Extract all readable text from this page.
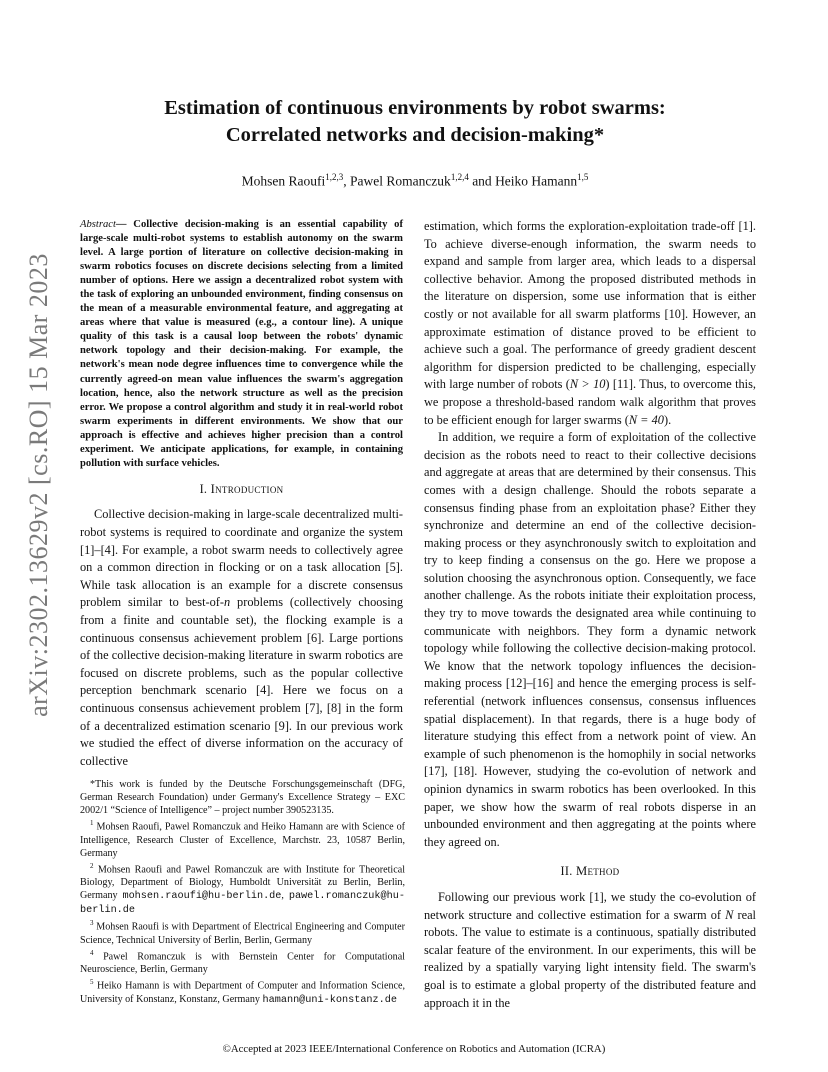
arXiv:2302.13629v2 [cs.RO] 15 Mar 2023
Estimation of continuous environments by robot swarms:
Correlated networks and decision-making*
Mohsen Raoufi$^{1,2,3}$, Pawel Romanczuk$^{1,2,4}$ and Heiko Hamann$^{1,5}$

Abstract— Collective decision-making is an essential capability of large-scale multi-robot systems to establish autonomy on the swarm level. A large portion of literature on collective decision-making in swarm robotics focuses on discrete decisions selecting from a limited number of options. Here we assign a decentralized robot system with the task of exploring an unbounded environment, finding consensus on the mean of a measurable environmental feature, and aggregating at areas where that value is measured (e.g., a contour line). A unique quality of this task is a causal loop between the robots' dynamic network topology and their decision-making. For example, the network's mean node degree influences time to convergence while the currently agreed-on mean value influences the swarm's aggregation location, hence, also the network structure as well as the precision error. We propose a control algorithm and study it in real-world robot swarm experiments in different environments. We show that our approach is effective and achieves higher precision than a control experiment. We anticipate applications, for example, in containing pollution with surface vehicles.

I. Introduction

Collective decision-making in large-scale decentralized multi-robot systems is required to coordinate and organize the system [1]–[4]. For example, a robot swarm needs to collectively agree on a common direction in flocking or on a task allocation [5]. While task allocation is an example for a discrete consensus problem similar to best-of-n problems (collectively choosing from a finite and countable set), the flocking example is a continuous consensus achievement problem [6]. Large portions of the collective decision-making literature in swarm robotics are focused on discrete problems, such as the popular collective perception benchmark scenario [4]. Here we focus on a continuous consensus achievement problem [7], [8] in the form of a decentralized estimation scenario [9]. In our previous work we studied the effect of diverse information on the accuracy of collective

*This work is funded by the Deutsche Forschungsgemeinschaft (DFG, German Research Foundation) under Germany's Excellence Strategy – EXC 2002/1 “Science of Intelligence” – project number 390523135.

$^1$ Mohsen Raoufi, Pawel Romanczuk and Heiko Hamann are with Science of Intelligence, Research Cluster of Excellence, Marchstr. 23, 10587 Berlin, Germany

$^2$ Mohsen Raoufi and Pawel Romanczuk are with Institute for Theoretical Biology, Department of Biology, Humboldt Universität zu Berlin, Berlin, Germany mohsen.raoufi@hu-berlin.de, pawel.romanczuk@hu-berlin.de

$^3$ Mohsen Raoufi is with Department of Electrical Engineering and Computer Science, Technical University of Berlin, Berlin, Germany

$^4$ Pawel Romanczuk is with Bernstein Center for Computational Neuroscience, Berlin, Germany

$^5$ Heiko Hamann is with Department of Computer and Information Science, University of Konstanz, Konstanz, Germany hamann@uni-konstanz.de

estimation, which forms the exploration-exploitation trade-off [1]. To achieve diverse-enough information, the swarm needs to expand and sample from larger area, which leads to a dispersal collective behavior. Among the proposed distributed methods in the literature on dispersion, some use information that is either costly or not available for all swarm platforms [10]. However, an approximate estimation of distance proved to be efficient to achieve such a goal. The performance of greedy gradient descent algorithm for dispersion predicted to be challenging, especially with large number of robots (N > 10) [11]. Thus, to overcome this, we propose a threshold-based random walk algorithm that proves to be efficient enough for larger swarms (N = 40).

In addition, we require a form of exploitation of the collective decision as the robots need to react to their collective decisions and aggregate at areas that are determined by their consensus. This comes with a design challenge. Should the robots separate a consensus finding phase from an exploitation phase? Either they synchronize and determine an end of the collective decision-making process or they asynchronously switch to exploitation and try to keep finding a consensus on the go. Here we propose a solution choosing the asynchronous option. Consequently, we face another challenge. As the robots initiate their exploitation process, they try to move towards the designated area while continuing to communicate with neighbors. They form a dynamic network topology while following the collective decision-making protocol. We know that the network topology influences the decision-making process [12]–[16] and hence the emerging process is self-referential (network influences consensus, consensus influences spatial displacement). In that regards, there is a huge body of literature studying this effect from a network point of view. An example of such phenomenon is the homophily in social networks [17], [18]. However, studying the co-evolution of network and opinion dynamics in swarm robotics has been overlooked. In this paper, we show how the swarm of real robots disperse in an unbounded environment and then aggregating at the points where they agreed on.

II. Method

Following our previous work [1], we study the co-evolution of network structure and collective estimation for a swarm of N real robots. The value to estimate is a continuous, spatially distributed scalar feature of the environment. In our experiments, this will be realized by a spatially varying light intensity field. The swarm's goal is to estimate a global property of the distributed feature and approach it in the

©Accepted at 2023 IEEE/International Conference on Robotics and Automation (ICRA)
